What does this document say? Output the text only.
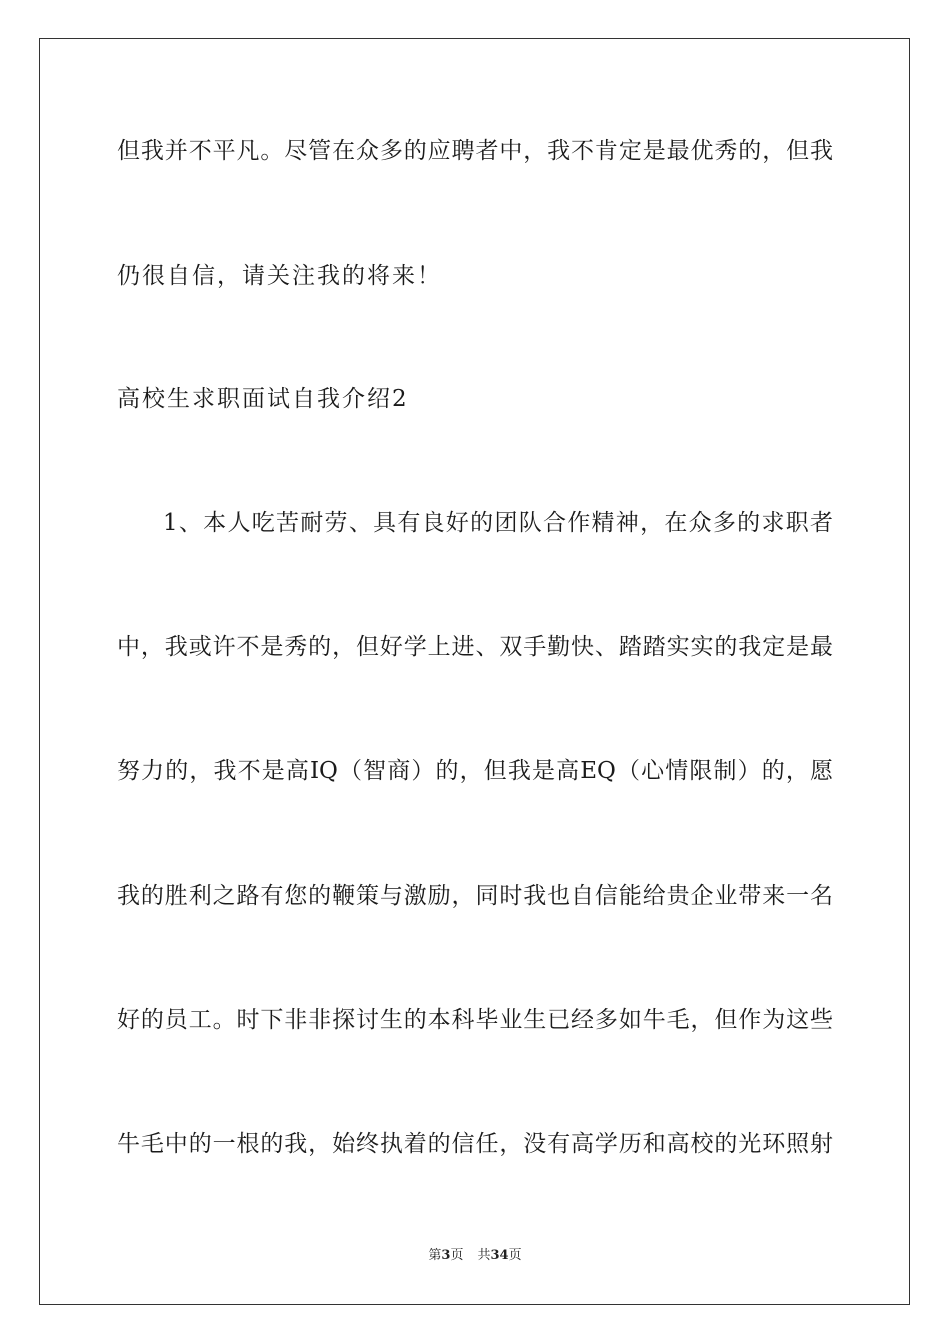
但我并不平凡。尽管在众多的应聘者中，我不肯定是最优秀的，但我
仍很自信，请关注我的将来！
高校生求职面试自我介绍2
1、本人吃苦耐劳、具有良好的团队合作精神，在众多的求职者
中，我或许不是秀的，但好学上进、双手勤快、踏踏实实的我定是最
努力的，我不是高IQ（智商）的，但我是高EQ（心情限制）的，愿
我的胜利之路有您的鞭策与激励，同时我也自信能给贵企业带来一名
好的员工。时下非非探讨生的本科毕业生已经多如牛毛，但作为这些
牛毛中的一根的我，始终执着的信任，没有高学历和高校的光环照射
第3页 共34页
